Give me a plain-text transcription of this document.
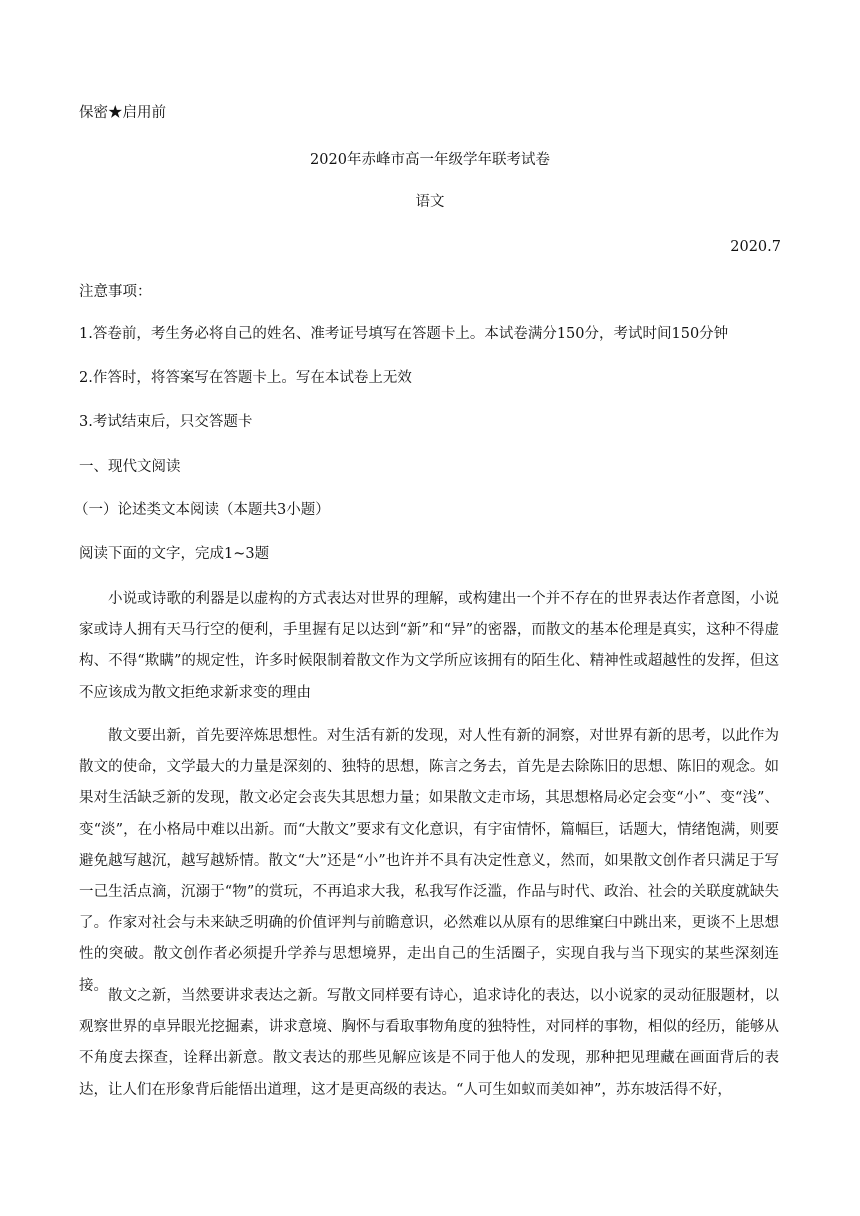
保密★启用前
2020年赤峰市高一年级学年联考试卷
语文
2020.7
注意事项：
1.答卷前，考生务必将自己的姓名、准考证号填写在答题卡上。本试卷满分150分，考试时间150分钟
2.作答时，将答案写在答题卡上。写在本试卷上无效
3.考试结束后，只交答题卡
一、现代文阅读
（一）论述类文本阅读（本题共3小题）
阅读下面的文字，完成1~3题
小说或诗歌的利器是以虚构的方式表达对世界的理解，或构建出一个并不存在的世界表达作者意图，小说家或诗人拥有天马行空的便利，手里握有足以达到“新”和“异”的密器，而散文的基本伦理是真实，这种不得虚构、不得“欺瞒”的规定性，许多时候限制着散文作为文学所应该拥有的陌生化、精神性或超越性的发挥，但这不应该成为散文拒绝求新求变的理由
散文要出新，首先要淬炼思想性。对生活有新的发现，对人性有新的洞察，对世界有新的思考，以此作为散文的使命，文学最大的力量是深刻的、独特的思想，陈言之务去，首先是去除陈旧的思想、陈旧的观念。如果对生活缺乏新的发现，散文必定会丧失其思想力量；如果散文走市场，其思想格局必定会变“小”、变“浅”、变“淡”，在小格局中难以出新。而“大散文”要求有文化意识，有宇宙情怀，篇幅巨，话题大，情绪饱满，则要避免越写越沉，越写越矫情。散文“大”还是“小”也许并不具有决定性意义，然而，如果散文创作者只满足于写一己生活点滴，沉溺于“物”的赏玩，不再追求大我，私我写作泛滥，作品与时代、政治、社会的关联度就缺失了。作家对社会与未来缺乏明确的价值评判与前瞻意识，必然难以从原有的思维窠臼中跳出来，更谈不上思想性的突破。散文创作者必须提升学养与思想境界，走出自己的生活圈子，实现自我与当下现实的某些深刻连接。
散文之新，当然要讲求表达之新。写散文同样要有诗心，追求诗化的表达，以小说家的灵动征服题材，以观察世界的卓异眼光挖掘素，讲求意境、胸怀与看取事物角度的独特性，对同样的事物，相似的经历，能够从不角度去探查，诠释出新意。散文表达的那些见解应该是不同于他人的发现，那种把见理藏在画面背后的表达，让人们在形象背后能悟出道理，这才是更高级的表达。“人可生如蚁而美如神”，苏东坡活得不好，
